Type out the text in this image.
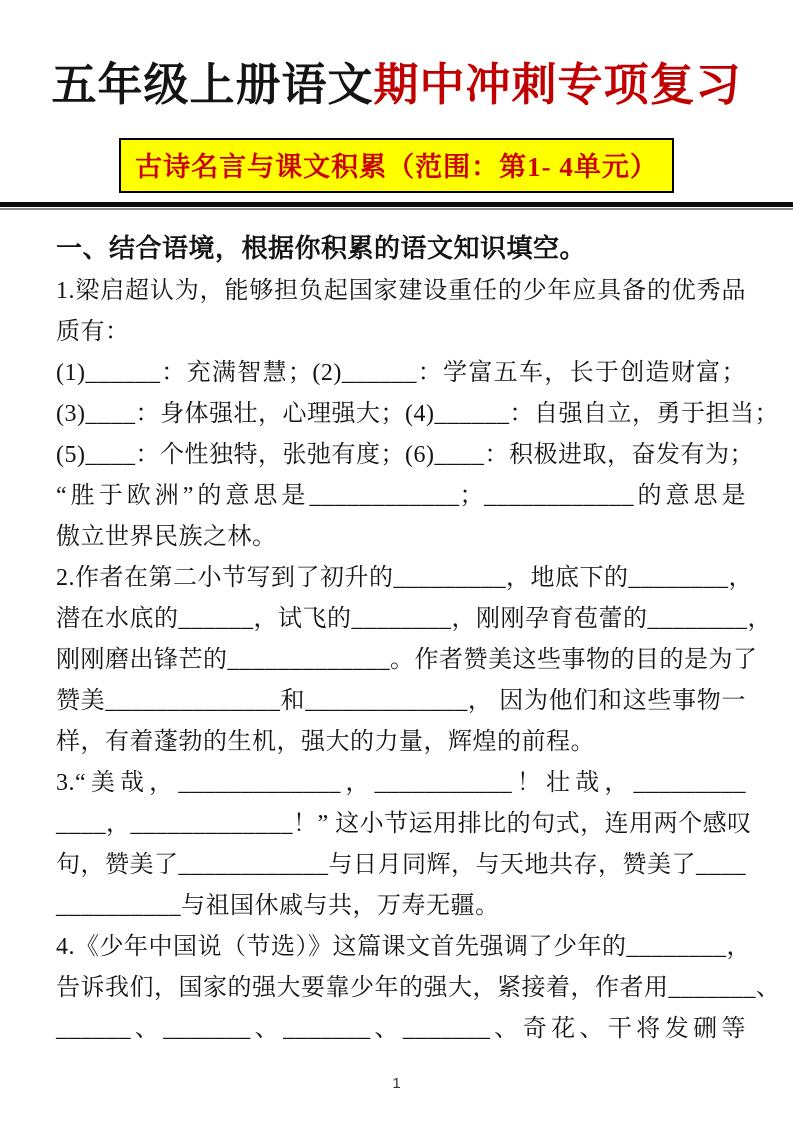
五年级上册语文期中冲刺专项复习
古诗名言与课文积累（范围：第1- 4单元）
一、结合语境，根据你积累的语文知识填空。
1.梁启超认为，能够担负起国家建设重任的少年应具备的优秀品
质有：
(1)______：充满智慧；(2)______：学富五车，长于创造财富；
(3)____：身体强壮，心理强大；(4)______：自强自立，勇于担当；
(5)____：个性独特，张弛有度；(6)____：积极进取，奋发有为；
“胜于欧洲”的意思是____________；____________的意思是
傲立世界民族之林。
2.作者在第二小节写到了初升的_________，地底下的________，
潜在水底的______，试飞的________，刚刚孕育苞蕾的________，
刚刚磨出锋芒的_____________。作者赞美这些事物的目的是为了
赞美______________和_____________， 因为他们和这些事物一
样，有着蓬勃的生机，强大的力量，辉煌的前程。
3.“美哉，_____________，___________！壮哉，_________
____，_____________！” 这小节运用排比的句式，连用两个感叹
句，赞美了____________与日月同辉，与天地共存，赞美了____
__________与祖国休戚与共，万寿无疆。
4.《少年中国说（节选）》这篇课文首先强调了少年的________，
告诉我们，国家的强大要靠少年的强大，紧接着，作者用_______、
______、_______、_______、_______、奇花、干将发硎等
1
